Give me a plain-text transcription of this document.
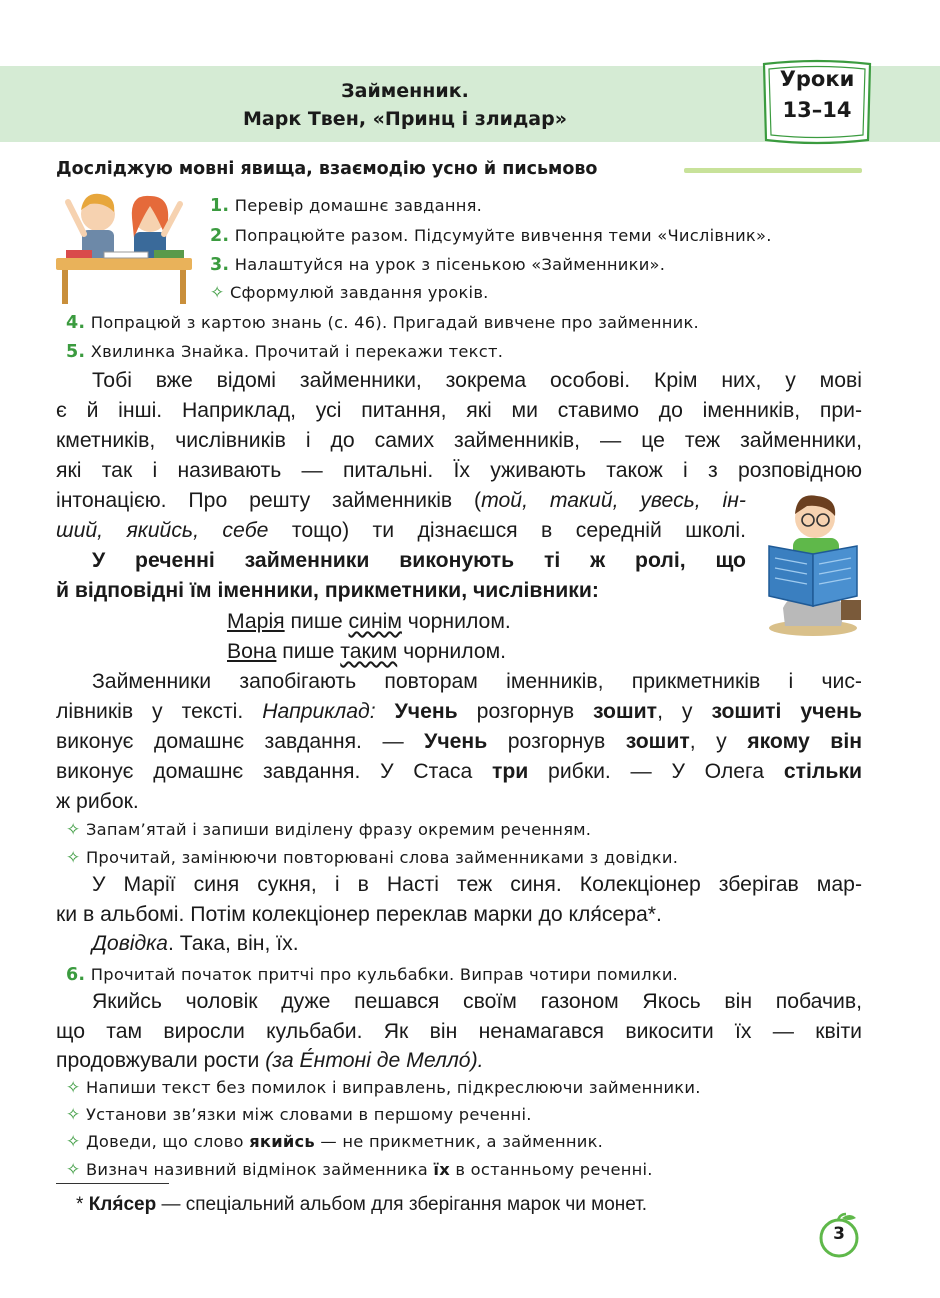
Займенник.
Марк Твен, «Принц і злидар»
Уроки
13–14
Досліджую мовні явища, взаємодію усно й письмово
1. Перевір домашнє завдання.
2. Попрацюйте разом. Підсумуйте вивчення теми «Числівник».
3. Налаштуйся на урок з пісенькою «Займенники».
✧ Сформулюй завдання уроків.
4. Попрацюй з картою знань (с. 46). Пригадай вивчене про займенник.
5. Хвилинка Знайка. Прочитай і перекажи текст.
Тобі вже відомі займенники, зокрема особові. Крім них, у мові
є й інші. Наприклад, усі питання, які ми ставимо до іменників, при-
кметників, числівників і до самих займенників, — це теж займенники,
які так і називають — питальні. Їх уживають також і з розповідною
інтонацією. Про решту займенників (той, такий, увесь, ін-
ший, якийсь, себе тощо) ти дізнаєшся в середній школі.
У реченні займенники виконують ті ж ролі, що
й відповідні їм іменники, прикметники, числівники:
Марія пише синім чорнилом.
Вона пише таким чорнилом.
Займенники запобігають повторам іменників, прикметників і чис-
лівників у тексті. Наприклад: Учень розгорнув зошит, у зошиті учень
виконує домашнє завдання. — Учень розгорнув зошит, у якому він
виконує домашнє завдання. У Стаса три рибки. — У Олега стільки
ж рибок.
✧ Запам’ятай і запиши виділену фразу окремим реченням.
✧ Прочитай, замінюючи повторювані слова займенниками з довідки.
У Марії синя сукня, і в Насті теж синя. Колекціонер зберігав мар-
ки в альбомі. Потім колекціонер переклав марки до кля́сера*.
Довідка. Така, він, їх.
6. Прочитай початок притчі про кульбабки. Виправ чотири помилки.
Якийсь чоловік дуже пешався своїм газоном Якось він побачив,
що там виросли кульбаби. Як він ненамагався викосити їх — квіти
продовжували рости (за Е́нтоні де Мелло́).
✧ Напиши текст без помилок і виправлень, підкреслюючи займенники.
✧ Установи зв’язки між словами в першому реченні.
✧ Доведи, що слово якийсь — не прикметник, а займенник.
✧ Визнач називний відмінок займенника їх в останньому реченні.
* Кля́сер — спеціальний альбом для зберігання марок чи монет.
3
